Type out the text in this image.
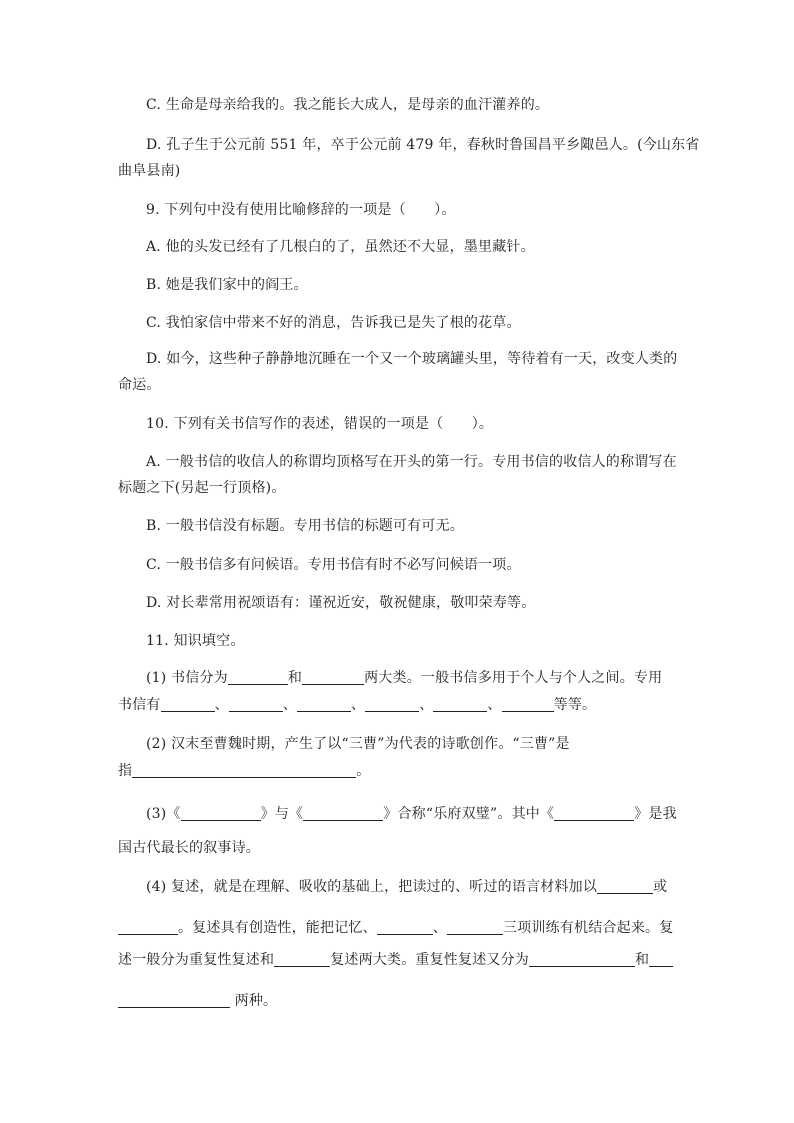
C. 生命是母亲给我的。我之能长大成人，是母亲的血汗灌养的。
D. 孔子生于公元前 551 年，卒于公元前 479 年，春秋时鲁国昌平乡陬邑人。(今山东省
曲阜县南)
9. 下列句中没有使用比喻修辞的一项是（　　）。
A. 他的头发已经有了几根白的了，虽然还不大显，墨里藏针。
B. 她是我们家中的阎王。
C. 我怕家信中带来不好的消息，告诉我已是失了根的花草。
D. 如今，这些种子静静地沉睡在一个又一个玻璃罐头里，等待着有一天，改变人类的
命运。
10. 下列有关书信写作的表述，错误的一项是（　　）。
A. 一般书信的收信人的称谓均顶格写在开头的第一行。专用书信的收信人的称谓写在
标题之下(另起一行顶格)。
B. 一般书信没有标题。专用书信的标题可有可无。
C. 一般书信多有问候语。专用书信有时不必写问候语一项。
D. 对长辈常用祝颂语有：谨祝近安，敬祝健康，敬叩荣寿等。
11. 知识填空。
(1) 书信分为	和	两大类。一般书信多用于个人与个人之间。专用
书信有	、	、	、	、	、	等等。
(2) 汉末至曹魏时期，产生了以“三曹”为代表的诗歌创作。“三曹”是
指	。
(3)《	》与《	》合称“乐府双璧”。其中《	》是我
国古代最长的叙事诗。
(4) 复述，就是在理解、吸收的基础上，把读过的、听过的语言材料加以	或
。复述具有创造性，能把记忆、	、	三项训练有机结合起来。复
述一般分为重复性复述和	复述两大类。重复性复述又分为	和
两种。
